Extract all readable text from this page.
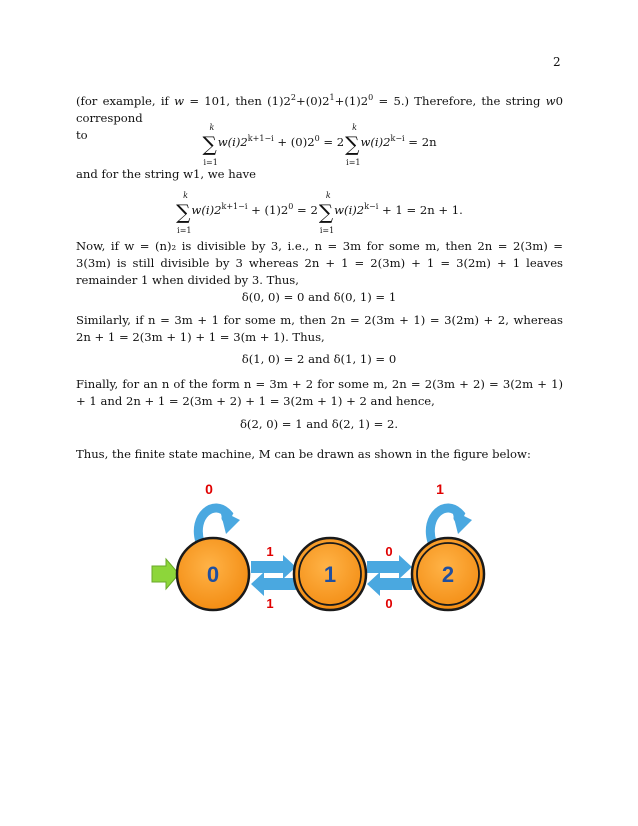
2
(for example, if w = 101, then $(1)2^2+(0)2^1+(1)2^0 = 5$.) Therefore, the string w0 correspond
to	∑
k
i=1
$w(i)2^{k+1-i} + (0)2^0 = 2\sum$
k
i=1
$w(i)2^{k-i} = 2n$
and for the string w1, we have
∑
k
i=1
$w(i)2^{k+1-i} + (1)2^0 = 2\sum$
k
i=1
$w(i)2^{k-i} + 1 = 2n + 1$.
Now, if w = (n)₂ is divisible by 3, i.e., n = 3m for some m, then 2n = 2(3m) = 3(3m) is still divisible by 3 whereas 2n + 1 = 2(3m) + 1 = 3(2m) + 1 leaves remainder 1 when divided by 3. Thus,
δ(0, 0) = 0 and δ(0, 1) = 1
Similarly, if n = 3m + 1 for some m, then 2n = 2(3m + 1) = 3(2m) + 2, whereas 2n + 1 = 2(3m + 1) + 1 = 3(m + 1). Thus,
δ(1, 0) = 2 and δ(1, 1) = 0
Finally, for an n of the form n = 3m + 2 for some m, 2n = 2(3m + 2) = 3(2m + 1) + 1 and 2n + 1 = 2(3m + 2) + 1 = 3(2m + 1) + 2 and hence,
δ(2, 0) = 1 and δ(2, 1) = 2.
Thus, the finite state machine, M can be drawn as shown in the figure below:
0	1	2
0	1
1
1
0
0
